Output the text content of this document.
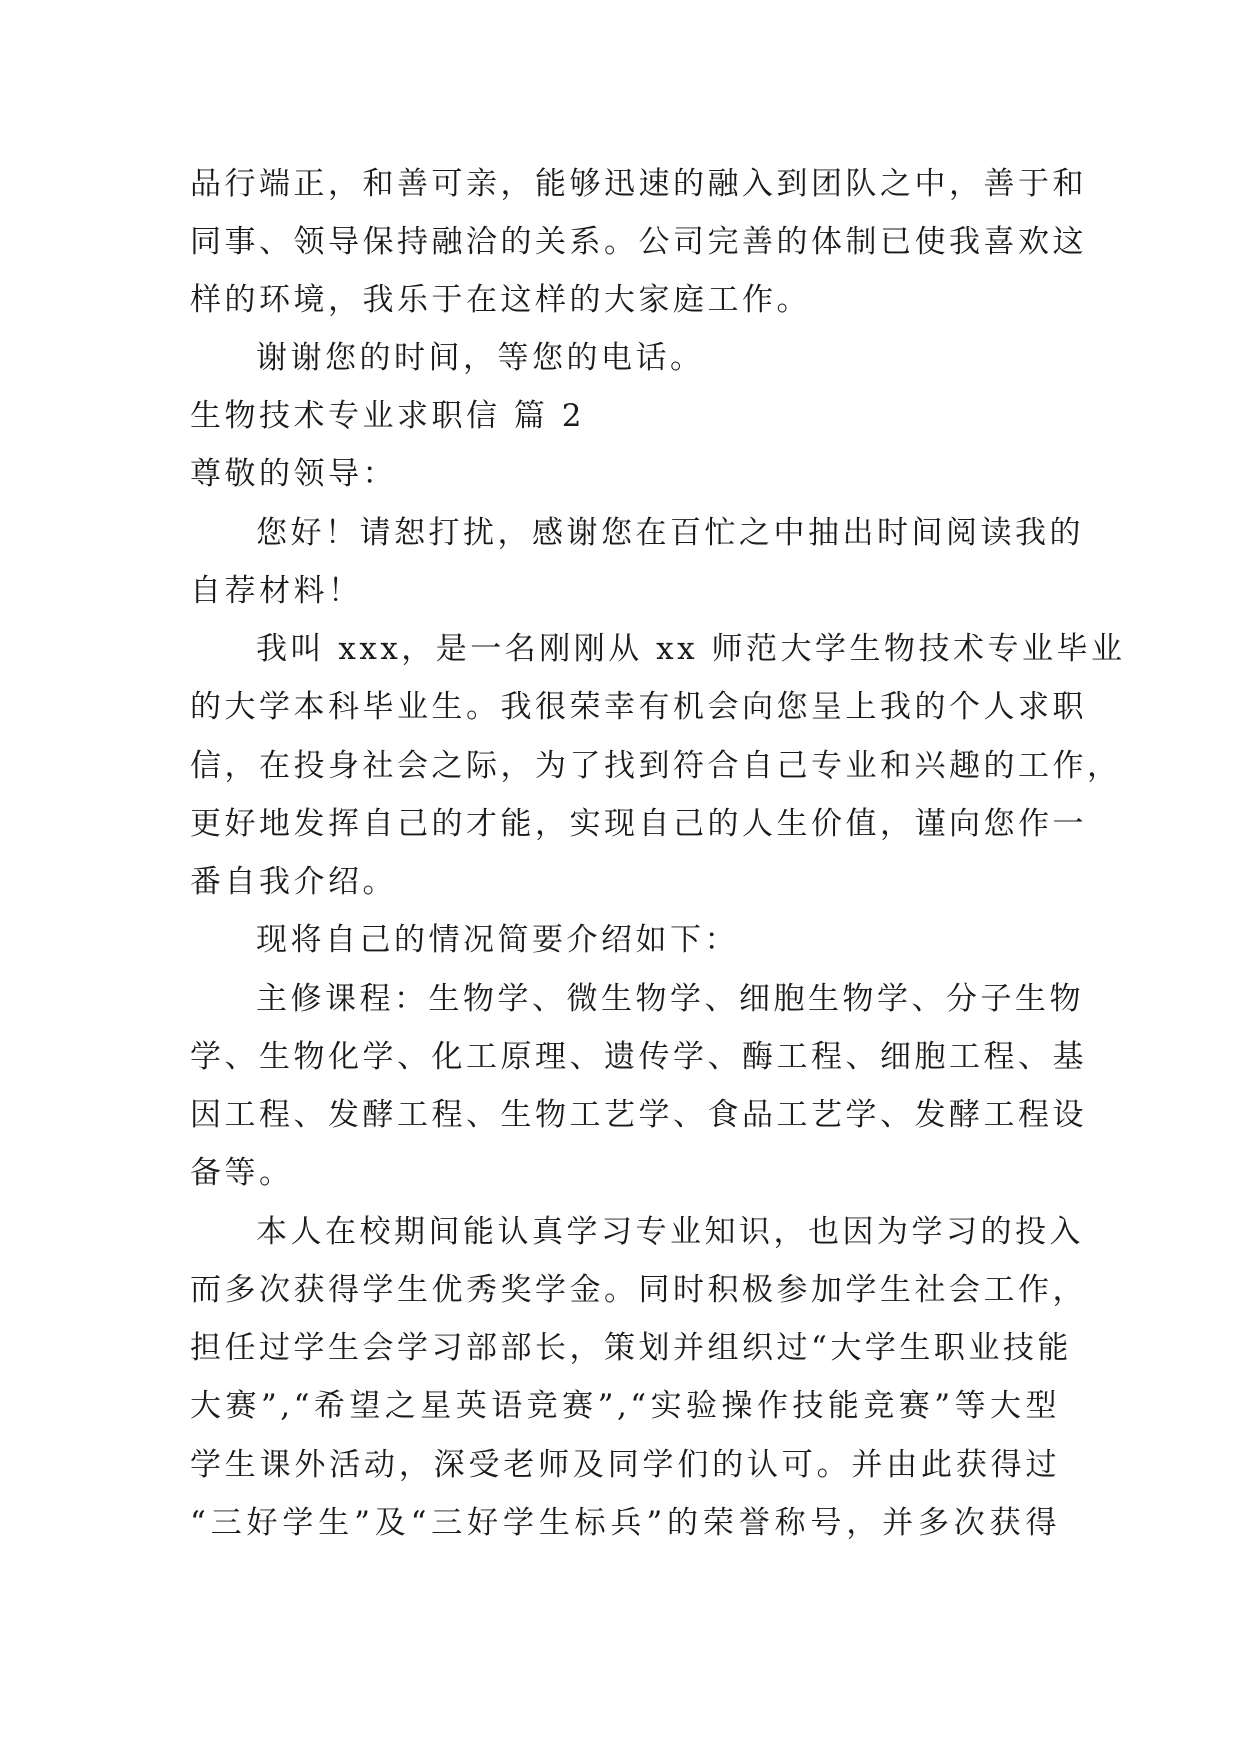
品行端正，和善可亲，能够迅速的融入到团队之中，善于和
同事、领导保持融洽的关系。公司完善的体制已使我喜欢这
样的环境，我乐于在这样的大家庭工作。
谢谢您的时间，等您的电话。
生物技术专业求职信 篇 2
尊敬的领导：
您好！请恕打扰，感谢您在百忙之中抽出时间阅读我的
自荐材料！
我叫 xxx，是一名刚刚从 xx 师范大学生物技术专业毕业
的大学本科毕业生。我很荣幸有机会向您呈上我的个人求职
信，在投身社会之际，为了找到符合自己专业和兴趣的工作，
更好地发挥自己的才能，实现自己的人生价值，谨向您作一
番自我介绍。
现将自己的情况简要介绍如下：
主修课程：生物学、微生物学、细胞生物学、分子生物
学、生物化学、化工原理、遗传学、酶工程、细胞工程、基
因工程、发酵工程、生物工艺学、食品工艺学、发酵工程设
备等。
本人在校期间能认真学习专业知识，也因为学习的投入
而多次获得学生优秀奖学金。同时积极参加学生社会工作，
担任过学生会学习部部长，策划并组织过“大学生职业技能
大赛”,“希望之星英语竞赛”,“实验操作技能竞赛”等大型
学生课外活动，深受老师及同学们的认可。并由此获得过
“三好学生”及“三好学生标兵”的荣誉称号，并多次获得
